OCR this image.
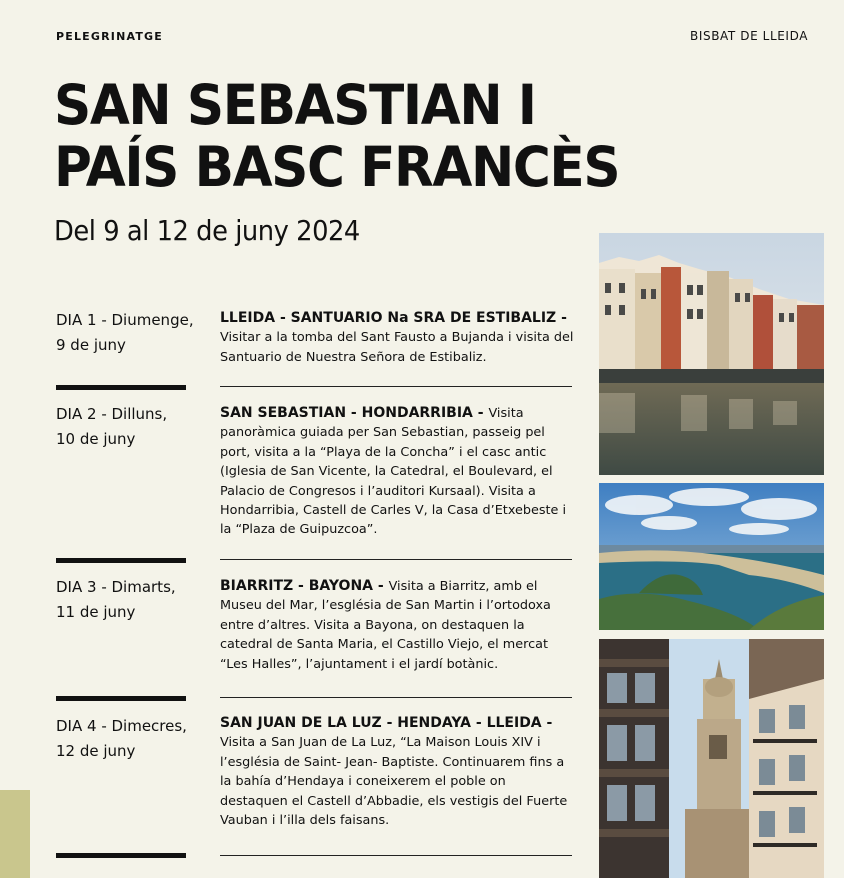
PELEGRINATGE	BISBAT DE LLEIDA
SAN SEBASTIAN I
PAÍS BASC FRANCÈS
Del 9 al 12 de juny 2024
DIA 1 - Diumenge,
9 de juny
LLEIDA - SANTUARIO Na SRA DE ESTIBALIZ - Visitar a la tomba del Sant Fausto a Bujanda i visita del Santuario de Nuestra Señora de Estibaliz.
DIA 2 - Dilluns,
10 de juny
SAN SEBASTIAN - HONDARRIBIA - Visita panoràmica guiada per San Sebastian, passeig pel port, visita a la “Playa de la Concha” i el casc antic (Iglesia de San Vicente, la Catedral, el Boulevard, el Palacio de Congresos i l’auditori Kursaal). Visita a Hondarribia, Castell de Carles V, la Casa d’Etxebeste i la “Plaza de Guipuzcoa”.
DIA 3 - Dimarts,
11 de juny
BIARRITZ - BAYONA - Visita a Biarritz, amb el Museu del Mar, l’església de San Martin i l’ortodoxa entre d’altres. Visita a Bayona, on destaquen la catedral de Santa Maria, el Castillo Viejo, el mercat “Les Halles”, l’ajuntament i el jardí botànic.
DIA 4 - Dimecres,
12 de juny
SAN JUAN DE LA LUZ - HENDAYA - LLEIDA - Visita a San Juan de La Luz, “La Maison Louis XIV i l’església de Saint- Jean- Baptiste. Continuarem fins a la bahía d’Hendaya i coneixerem el poble on destaquen el Castell d’Abbadie, els vestigis del Fuerte Vauban i l’illa dels faisans.
